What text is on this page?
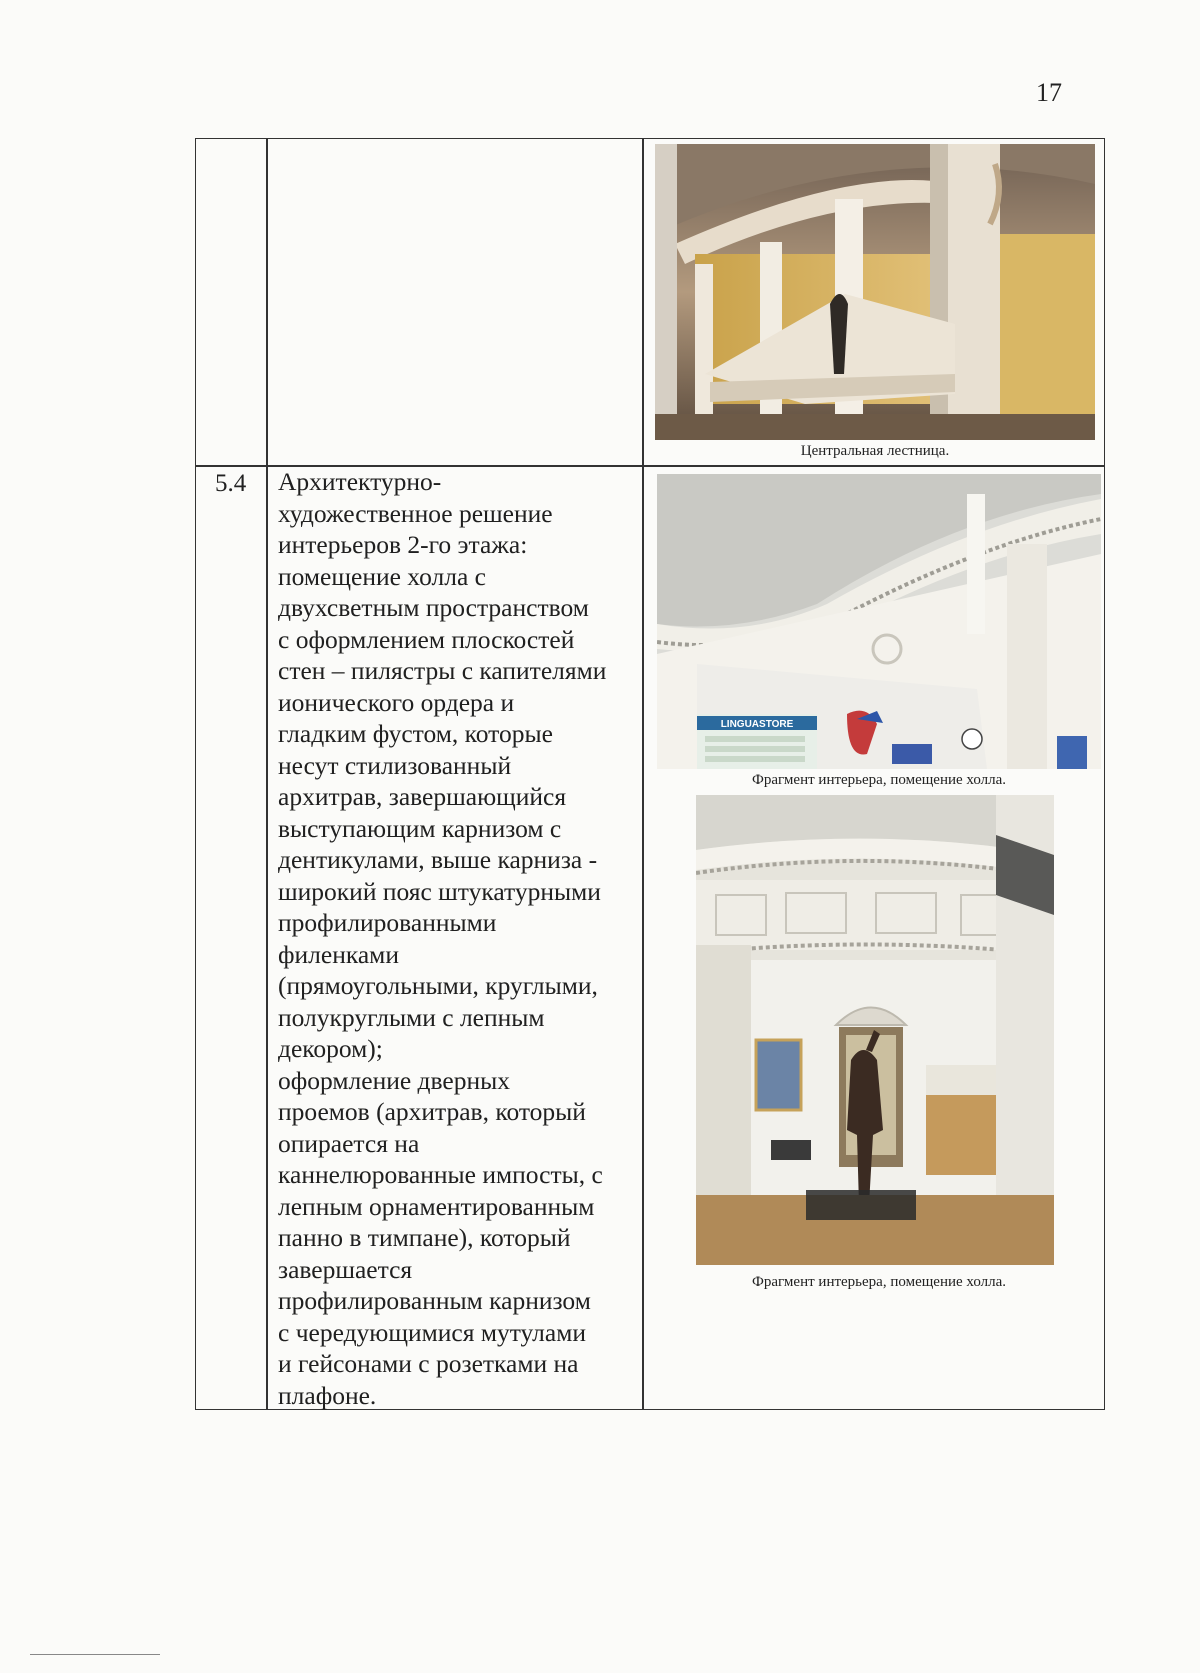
17
Центральная лестница.
5.4 Архитектурно-
художественное решение
интерьеров 2-го этажа:
помещение холла с
двухсветным пространством
с оформлением плоскостей
стен – пилястры с капителями
ионического ордера и
гладким фустом, которые
несут стилизованный
архитрав, завершающийся
выступающим карнизом с
дентикулами, выше карниза -
широкий пояс штукатурными
профилированными
филенками
(прямоугольными, круглыми,
полукруглыми с лепным
декором);
оформление дверных
проемов (архитрав, который
опирается на
каннелюрованные импосты, с
лепным орнаментированным
панно в тимпане), который
завершается
профилированным карнизом
с чередующимися мутулами
и гейсонами с розетками на
плафоне.
LINGUASTORE
Фрагмент интерьера, помещение холла.
Фрагмент интерьера, помещение холла.
